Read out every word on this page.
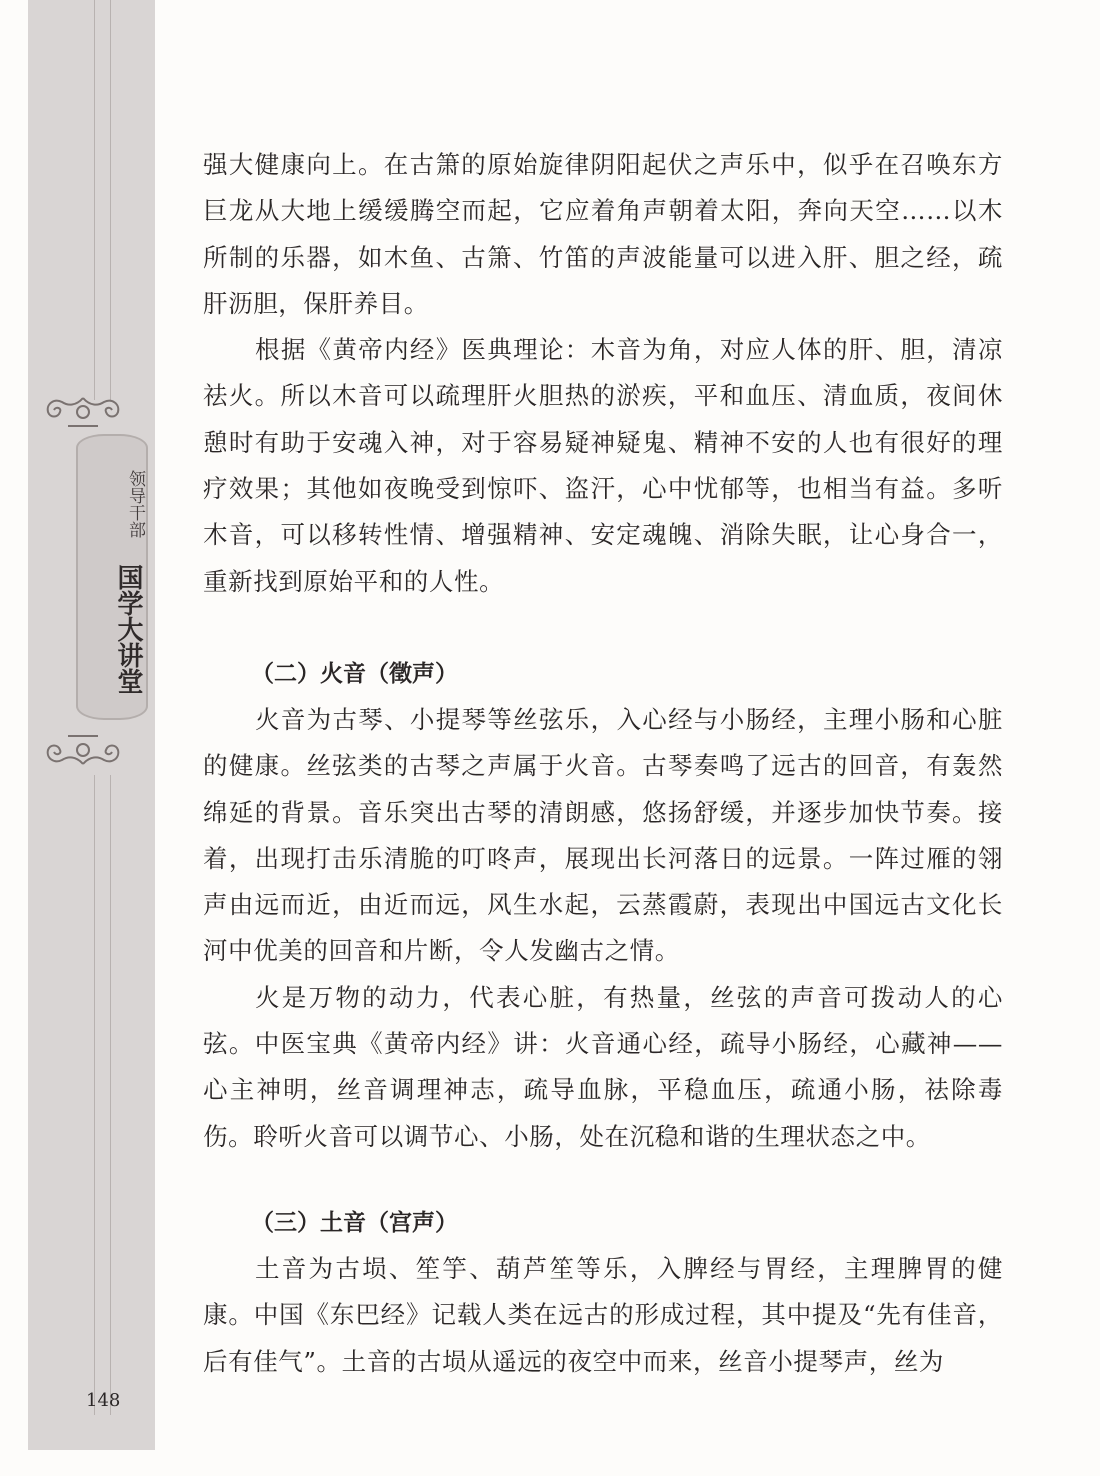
领导干部
国学大讲堂
148

强大健康向上。在古箫的原始旋律阴阳起伏之声乐中，似乎在召唤东方巨龙从大地上缓缓腾空而起，它应着角声朝着太阳，奔向天空……以木所制的乐器，如木鱼、古箫、竹笛的声波能量可以进入肝、胆之经，疏肝沥胆，保肝养目。

根据《黄帝内经》医典理论：木音为角，对应人体的肝、胆，清凉祛火。所以木音可以疏理肝火胆热的淤疾，平和血压、清血质，夜间休憩时有助于安魂入神，对于容易疑神疑鬼、精神不安的人也有很好的理疗效果；其他如夜晚受到惊吓、盗汗，心中忧郁等，也相当有益。多听木音，可以移转性情、增强精神、安定魂魄、消除失眠，让心身合一，重新找到原始平和的人性。

（二）火音（徵声）

火音为古琴、小提琴等丝弦乐，入心经与小肠经，主理小肠和心脏的健康。丝弦类的古琴之声属于火音。古琴奏鸣了远古的回音，有轰然绵延的背景。音乐突出古琴的清朗感，悠扬舒缓，并逐步加快节奏。接着，出现打击乐清脆的叮咚声，展现出长河落日的远景。一阵过雁的翎声由远而近，由近而远，风生水起，云蒸霞蔚，表现出中国远古文化长河中优美的回音和片断，令人发幽古之情。

火是万物的动力，代表心脏，有热量，丝弦的声音可拨动人的心弦。中医宝典《黄帝内经》讲：火音通心经，疏导小肠经，心藏神——心主神明，丝音调理神志，疏导血脉，平稳血压，疏通小肠，祛除毒伤。聆听火音可以调节心、小肠，处在沉稳和谐的生理状态之中。

（三）土音（宫声）

土音为古埙、笙竽、葫芦笙等乐，入脾经与胃经，主理脾胃的健康。中国《东巴经》记载人类在远古的形成过程，其中提及“先有佳音，后有佳气”。土音的古埙从遥远的夜空中而来，丝音小提琴声，丝为
